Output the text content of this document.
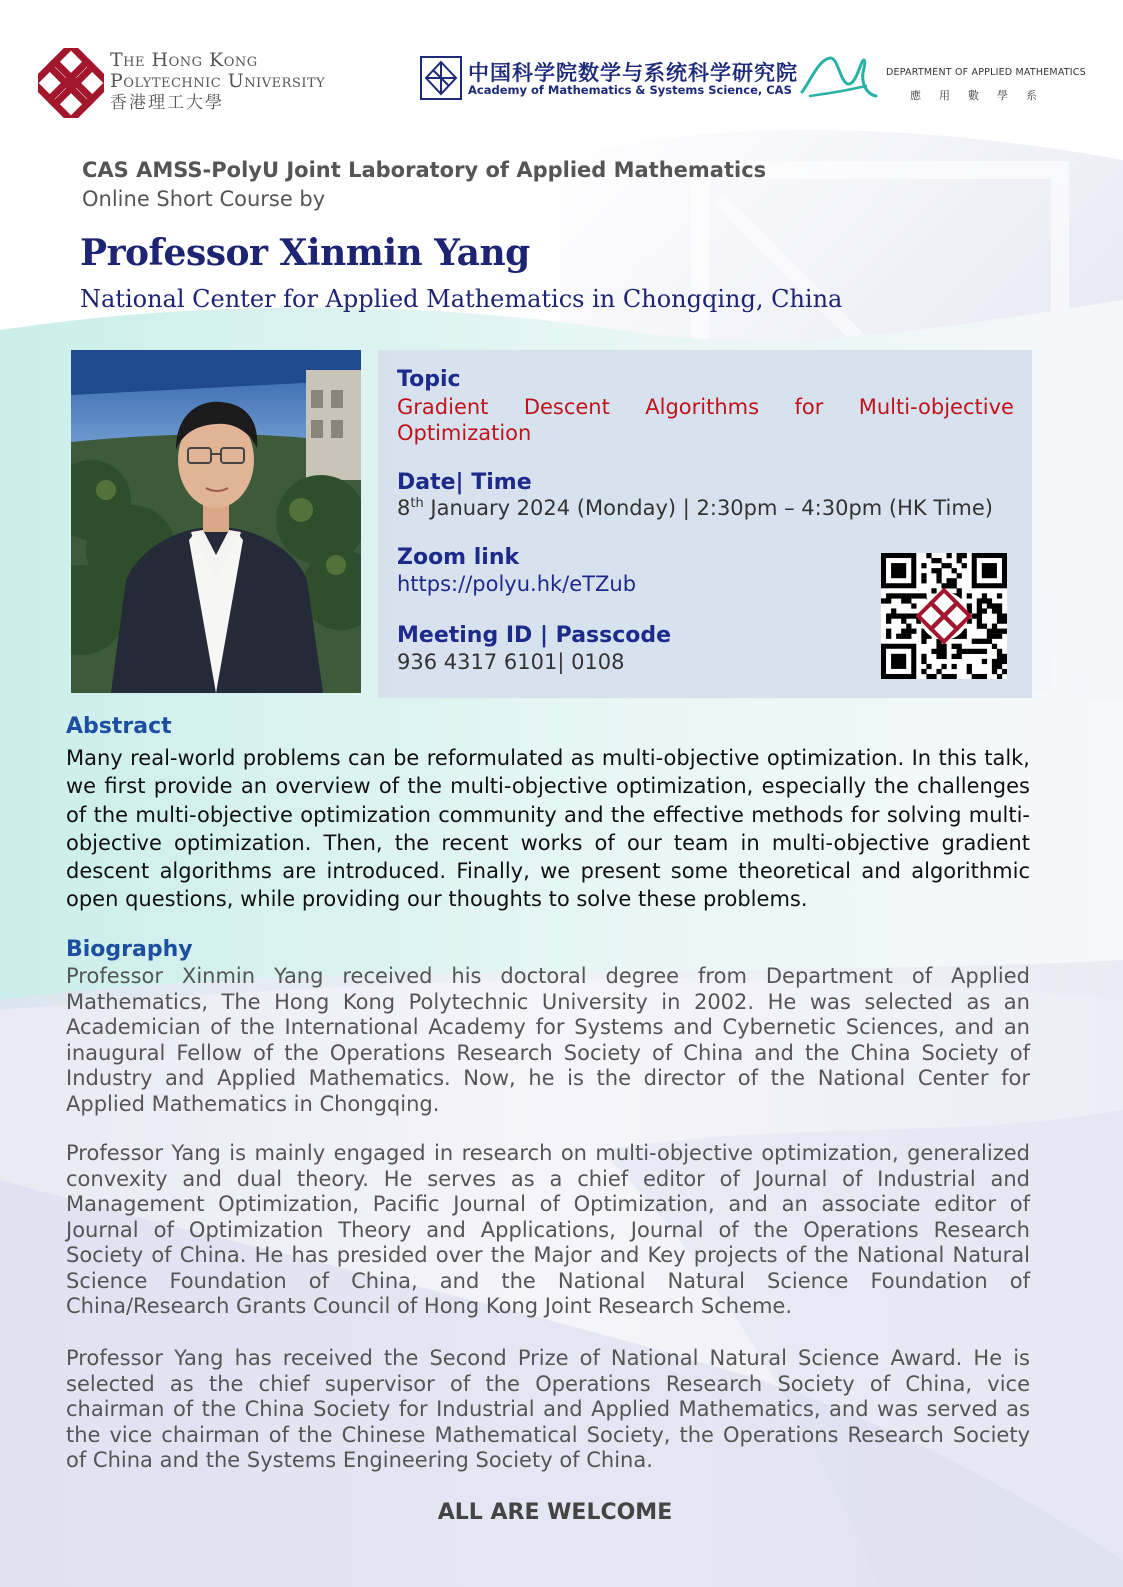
The Hong Kong
Polytechnic University
香港理工大學
中国科学院数学与系统科学研究院
Academy of Mathematics & Systems Science, CAS
DEPARTMENT OF APPLIED MATHEMATICS
應用數學系
CAS AMSS-PolyU Joint Laboratory of Applied Mathematics
Online Short Course by
Professor Xinmin Yang
National Center for Applied Mathematics in Chongqing, China
Topic
Gradient Descent Algorithms for Multi-objective
Optimization
Date| Time
8th January 2024 (Monday) | 2:30pm – 4:30pm (HK Time)
Zoom link
https://polyu.hk/eTZub
Meeting ID | Passcode
936 4317 6101| 0108
Abstract
Many real-world problems can be reformulated as multi-objective optimization. In this talk, we first provide an overview of the multi-objective optimization, especially the challenges of the multi-objective optimization community and the effective methods for solving multi-objective optimization. Then, the recent works of our team in multi-objective gradient descent algorithms are introduced. Finally, we present some theoretical and algorithmic open questions, while providing our thoughts to solve these problems.
Biography
Professor Xinmin Yang received his doctoral degree from Department of Applied Mathematics, The Hong Kong Polytechnic University in 2002. He was selected as an Academician of the International Academy for Systems and Cybernetic Sciences, and an inaugural Fellow of the Operations Research Society of China and the China Society of Industry and Applied Mathematics. Now, he is the director of the National Center for Applied Mathematics in Chongqing.
Professor Yang is mainly engaged in research on multi-objective optimization, generalized convexity and dual theory. He serves as a chief editor of Journal of Industrial and Management Optimization, Pacific Journal of Optimization, and an associate editor of Journal of Optimization Theory and Applications, Journal of the Operations Research Society of China. He has presided over the Major and Key projects of the National Natural Science Foundation of China, and the National Natural Science Foundation of China/Research Grants Council of Hong Kong Joint Research Scheme.
Professor Yang has received the Second Prize of National Natural Science Award. He is selected as the chief supervisor of the Operations Research Society of China, vice chairman of the China Society for Industrial and Applied Mathematics, and was served as the vice chairman of the Chinese Mathematical Society, the Operations Research Society of China and the Systems Engineering Society of China.
ALL ARE WELCOME
